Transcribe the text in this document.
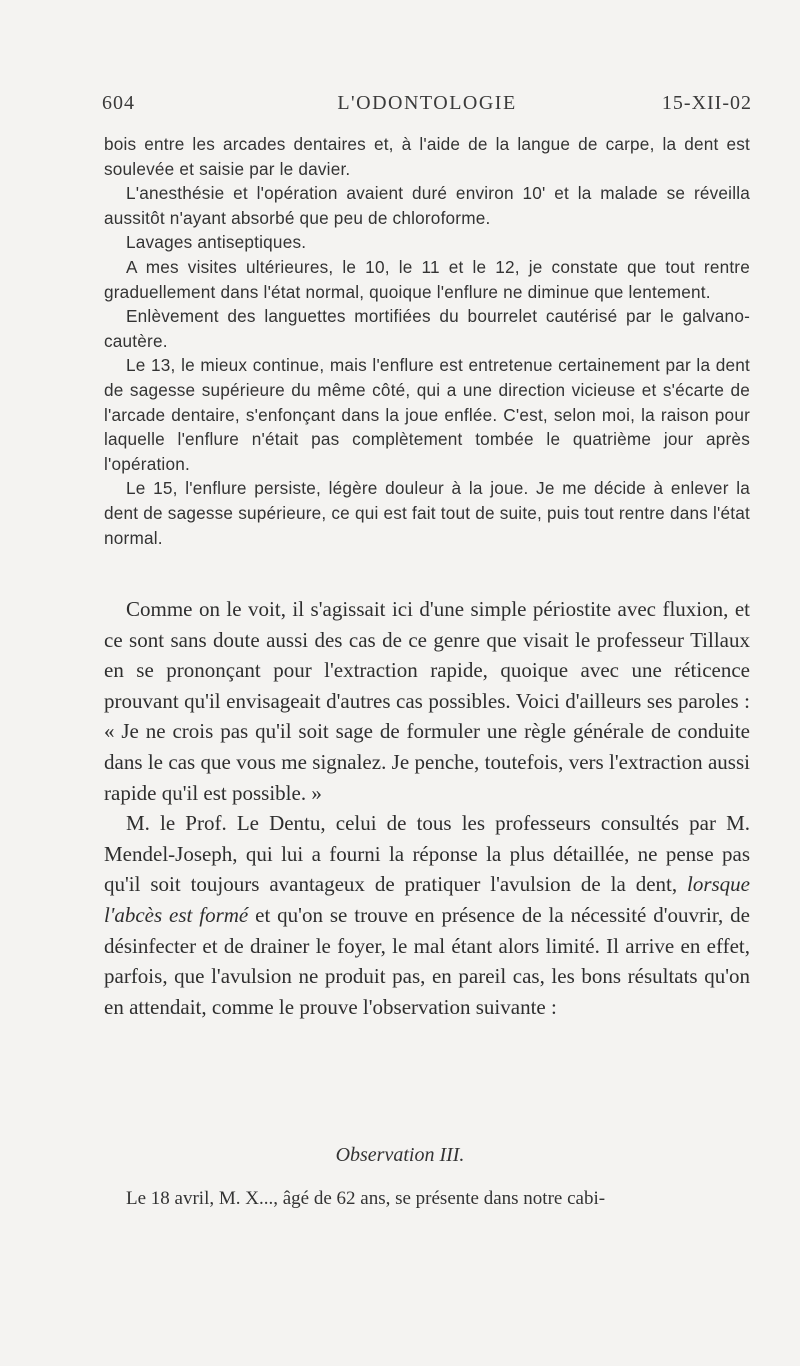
604	L'ODONTOLOGIE	15-XII-02

bois entre les arcades dentaires et, à l'aide de la langue de carpe, la dent est soulevée et saisie par le davier.

L'anesthésie et l'opération avaient duré environ 10' et la malade se réveilla aussitôt n'ayant absorbé que peu de chloroforme.

Lavages antiseptiques.

A mes visites ultérieures, le 10, le 11 et le 12, je constate que tout rentre graduellement dans l'état normal, quoique l'enflure ne diminue que lentement.

Enlèvement des languettes mortifiées du bourrelet cautérisé par le galvano-cautère.

Le 13, le mieux continue, mais l'enflure est entretenue certainement par la dent de sagesse supérieure du même côté, qui a une direction vicieuse et s'écarte de l'arcade dentaire, s'enfonçant dans la joue enflée. C'est, selon moi, la raison pour laquelle l'enflure n'était pas complètement tombée le quatrième jour après l'opération.

Le 15, l'enflure persiste, légère douleur à la joue. Je me décide à enlever la dent de sagesse supérieure, ce qui est fait tout de suite, puis tout rentre dans l'état normal.

Comme on le voit, il s'agissait ici d'une simple périostite avec fluxion, et ce sont sans doute aussi des cas de ce genre que visait le professeur Tillaux en se prononçant pour l'extraction rapide, quoique avec une réticence prouvant qu'il envisageait d'autres cas possibles. Voici d'ailleurs ses paroles : « Je ne crois pas qu'il soit sage de formuler une règle générale de conduite dans le cas que vous me signalez. Je penche, toutefois, vers l'extraction aussi rapide qu'il est possible. »

M. le Prof. Le Dentu, celui de tous les professeurs consultés par M. Mendel-Joseph, qui lui a fourni la réponse la plus détaillée, ne pense pas qu'il soit toujours avantageux de pratiquer l'avulsion de la dent, lorsque l'abcès est formé et qu'on se trouve en présence de la nécessité d'ouvrir, de désinfecter et de drainer le foyer, le mal étant alors limité. Il arrive en effet, parfois, que l'avulsion ne produit pas, en pareil cas, les bons résultats qu'on en attendait, comme le prouve l'observation suivante :

Observation III.

Le 18 avril, M. X..., âgé de 62 ans, se présente dans notre cabi-
